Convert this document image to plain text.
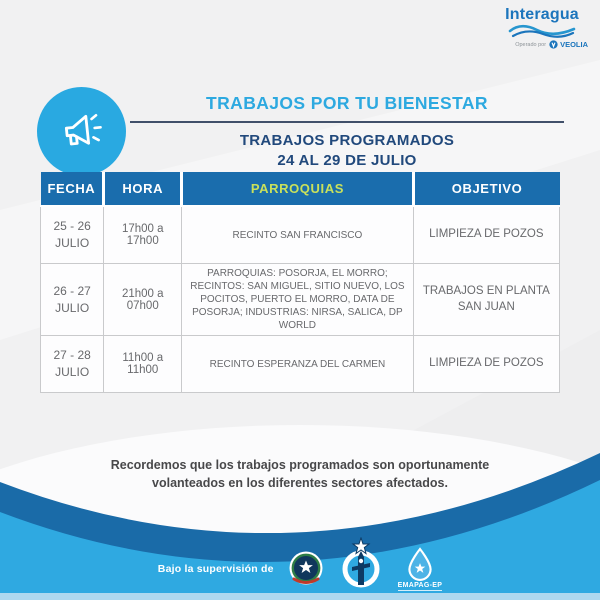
Interagua
Operado por VEOLIA
TRABAJOS POR TU BIENESTAR
TRABAJOS PROGRAMADOS
24 AL 29 DE JULIO
FECHA	HORA	PARROQUIAS	OBJETIVO

25 - 26
JULIO	17h00 a 17h00	RECINTO SAN FRANCISCO	LIMPIEZA DE POZOS

26 - 27
JULIO	21h00 a 07h00	PARROQUIAS: POSORJA, EL MORRO; RECINTOS: SAN MIGUEL, SITIO NUEVO, LOS POCITOS, PUERTO EL MORRO, DATA DE POSORJA; INDUSTRIAS: NIRSA, SALICA, DP WORLD	TRABAJOS EN PLANTA SAN JUAN

27 - 28
JULIO	11h00 a 11h00	RECINTO ESPERANZA DEL CARMEN	LIMPIEZA DE POZOS
Recordemos que los trabajos programados son oportunamente
volanteados en los diferentes sectores afectados.
Bajo la supervisión de
EMAPAG-EP
